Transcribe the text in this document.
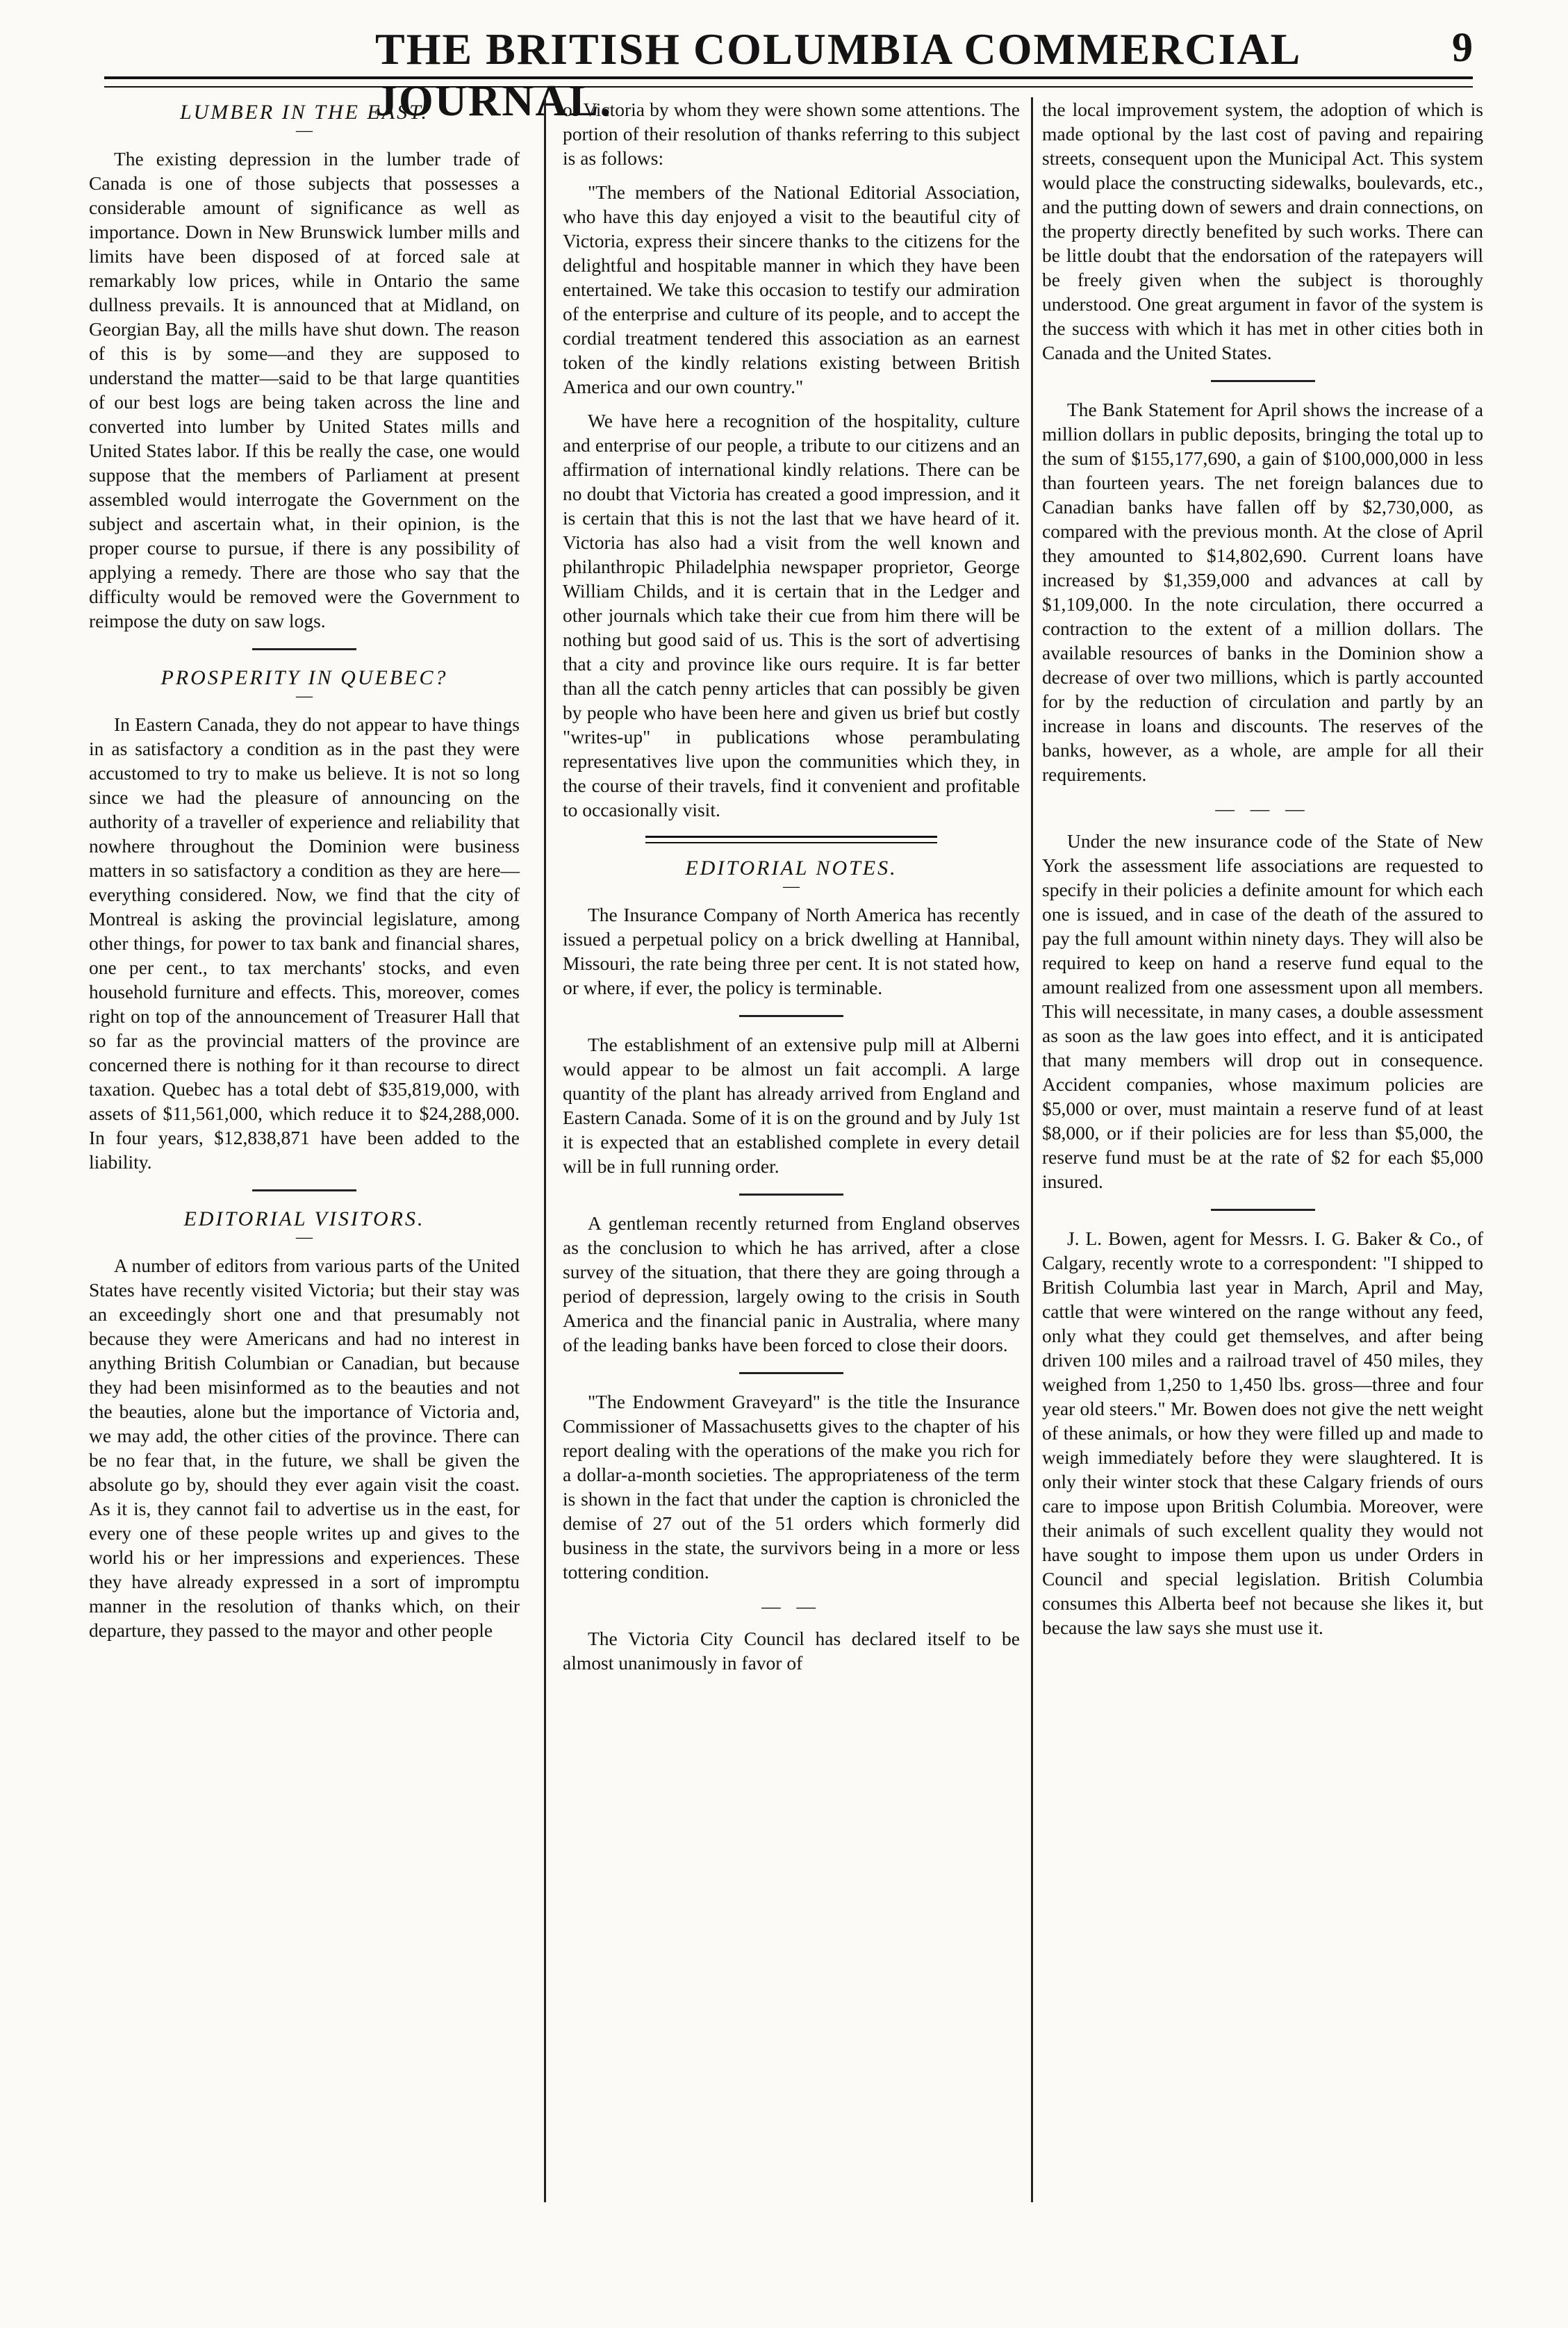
THE BRITISH COLUMBIA COMMERCIAL JOURNAL.
9
LUMBER IN THE EAST.
—

The existing depression in the lumber trade of Canada is one of those subjects that possesses a considerable amount of significance as well as importance. Down in New Brunswick lumber mills and limits have been disposed of at forced sale at remarkably low prices, while in Ontario the same dullness prevails. It is announced that at Midland, on Georgian Bay, all the mills have shut down. The reason of this is by some—and they are supposed to understand the matter—said to be that large quantities of our best logs are being taken across the line and converted into lumber by United States mills and United States labor. If this be really the case, one would suppose that the members of Parliament at present assembled would interrogate the Government on the subject and ascertain what, in their opinion, is the proper course to pursue, if there is any possibility of applying a remedy. There are those who say that the difficulty would be removed were the Government to reimpose the duty on saw logs.

PROSPERITY IN QUEBEC?
—

In Eastern Canada, they do not appear to have things in as satisfactory a condition as in the past they were accustomed to try to make us believe. It is not so long since we had the pleasure of announcing on the authority of a traveller of experience and reliability that nowhere throughout the Dominion were business matters in so satisfactory a condition as they are here—everything considered. Now, we find that the city of Montreal is asking the provincial legislature, among other things, for power to tax bank and financial shares, one per cent., to tax merchants' stocks, and even household furniture and effects. This, moreover, comes right on top of the announcement of Treasurer Hall that so far as the provincial matters of the province are concerned there is nothing for it than recourse to direct taxation. Quebec has a total debt of $35,819,000, with assets of $11,561,000, which reduce it to $24,288,000. In four years, $12,838,871 have been added to the liability.

EDITORIAL VISITORS.
—

A number of editors from various parts of the United States have recently visited Victoria; but their stay was an exceedingly short one and that presumably not because they were Americans and had no interest in anything British Columbian or Canadian, but because they had been misinformed as to the beauties and not the beauties, alone but the importance of Victoria and, we may add, the other cities of the province. There can be no fear that, in the future, we shall be given the absolute go by, should they ever again visit the coast. As it is, they cannot fail to advertise us in the east, for every one of these people writes up and gives to the world his or her impressions and experiences. These they have already expressed in a sort of impromptu manner in the resolution of thanks which, on their departure, they passed to the mayor and other people

of Victoria by whom they were shown some attentions. The portion of their resolution of thanks referring to this subject is as follows:

"The members of the National Editorial Association, who have this day enjoyed a visit to the beautiful city of Victoria, express their sincere thanks to the citizens for the delightful and hospitable manner in which they have been entertained. We take this occasion to testify our admiration of the enterprise and culture of its people, and to accept the cordial treatment tendered this association as an earnest token of the kindly relations existing between British America and our own country."

We have here a recognition of the hospitality, culture and enterprise of our people, a tribute to our citizens and an affirmation of international kindly relations. There can be no doubt that Victoria has created a good impression, and it is certain that this is not the last that we have heard of it. Victoria has also had a visit from the well known and philanthropic Philadelphia newspaper proprietor, George William Childs, and it is certain that in the Ledger and other journals which take their cue from him there will be nothing but good said of us. This is the sort of advertising that a city and province like ours require. It is far better than all the catch penny articles that can possibly be given by people who have been here and given us brief but costly "writes-up" in publications whose perambulating representatives live upon the communities which they, in the course of their travels, find it convenient and profitable to occasionally visit.

EDITORIAL NOTES.
—

The Insurance Company of North America has recently issued a perpetual policy on a brick dwelling at Hannibal, Missouri, the rate being three per cent. It is not stated how, or where, if ever, the policy is terminable.

The establishment of an extensive pulp mill at Alberni would appear to be almost un fait accompli. A large quantity of the plant has already arrived from England and Eastern Canada. Some of it is on the ground and by July 1st it is expected that an established complete in every detail will be in full running order.

A gentleman recently returned from England observes as the conclusion to which he has arrived, after a close survey of the situation, that there they are going through a period of depression, largely owing to the crisis in South America and the financial panic in Australia, where many of the leading banks have been forced to close their doors.

"The Endowment Graveyard" is the title the Insurance Commissioner of Massachusetts gives to the chapter of his report dealing with the operations of the make you rich for a dollar-a-month societies. The appropriateness of the term is shown in the fact that under the caption is chronicled the demise of 27 out of the 51 orders which formerly did business in the state, the survivors being in a more or less tottering condition.

— —

The Victoria City Council has declared itself to be almost unanimously in favor of

the local improvement system, the adoption of which is made optional by the last cost of paving and repairing streets, consequent upon the Municipal Act. This system would place the constructing sidewalks, boulevards, etc., and the putting down of sewers and drain connections, on the property directly benefited by such works. There can be little doubt that the endorsation of the ratepayers will be freely given when the subject is thoroughly understood. One great argument in favor of the system is the success with which it has met in other cities both in Canada and the United States.

The Bank Statement for April shows the increase of a million dollars in public deposits, bringing the total up to the sum of $155,177,690, a gain of $100,000,000 in less than fourteen years. The net foreign balances due to Canadian banks have fallen off by $2,730,000, as compared with the previous month. At the close of April they amounted to $14,802,690. Current loans have increased by $1,359,000 and advances at call by $1,109,000. In the note circulation, there occurred a contraction to the extent of a million dollars. The available resources of banks in the Dominion show a decrease of over two millions, which is partly accounted for by the reduction of circulation and partly by an increase in loans and discounts. The reserves of the banks, however, as a whole, are ample for all their requirements.

— — —

Under the new insurance code of the State of New York the assessment life associations are requested to specify in their policies a definite amount for which each one is issued, and in case of the death of the assured to pay the full amount within ninety days. They will also be required to keep on hand a reserve fund equal to the amount realized from one assessment upon all members. This will necessitate, in many cases, a double assessment as soon as the law goes into effect, and it is anticipated that many members will drop out in consequence. Accident companies, whose maximum policies are $5,000 or over, must maintain a reserve fund of at least $8,000, or if their policies are for less than $5,000, the reserve fund must be at the rate of $2 for each $5,000 insured.

J. L. Bowen, agent for Messrs. I. G. Baker & Co., of Calgary, recently wrote to a correspondent: "I shipped to British Columbia last year in March, April and May, cattle that were wintered on the range without any feed, only what they could get themselves, and after being driven 100 miles and a railroad travel of 450 miles, they weighed from 1,250 to 1,450 lbs. gross—three and four year old steers." Mr. Bowen does not give the nett weight of these animals, or how they were filled up and made to weigh immediately before they were slaughtered. It is only their winter stock that these Calgary friends of ours care to impose upon British Columbia. Moreover, were their animals of such excellent quality they would not have sought to impose them upon us under Orders in Council and special legislation. British Columbia consumes this Alberta beef not because she likes it, but because the law says she must use it.
